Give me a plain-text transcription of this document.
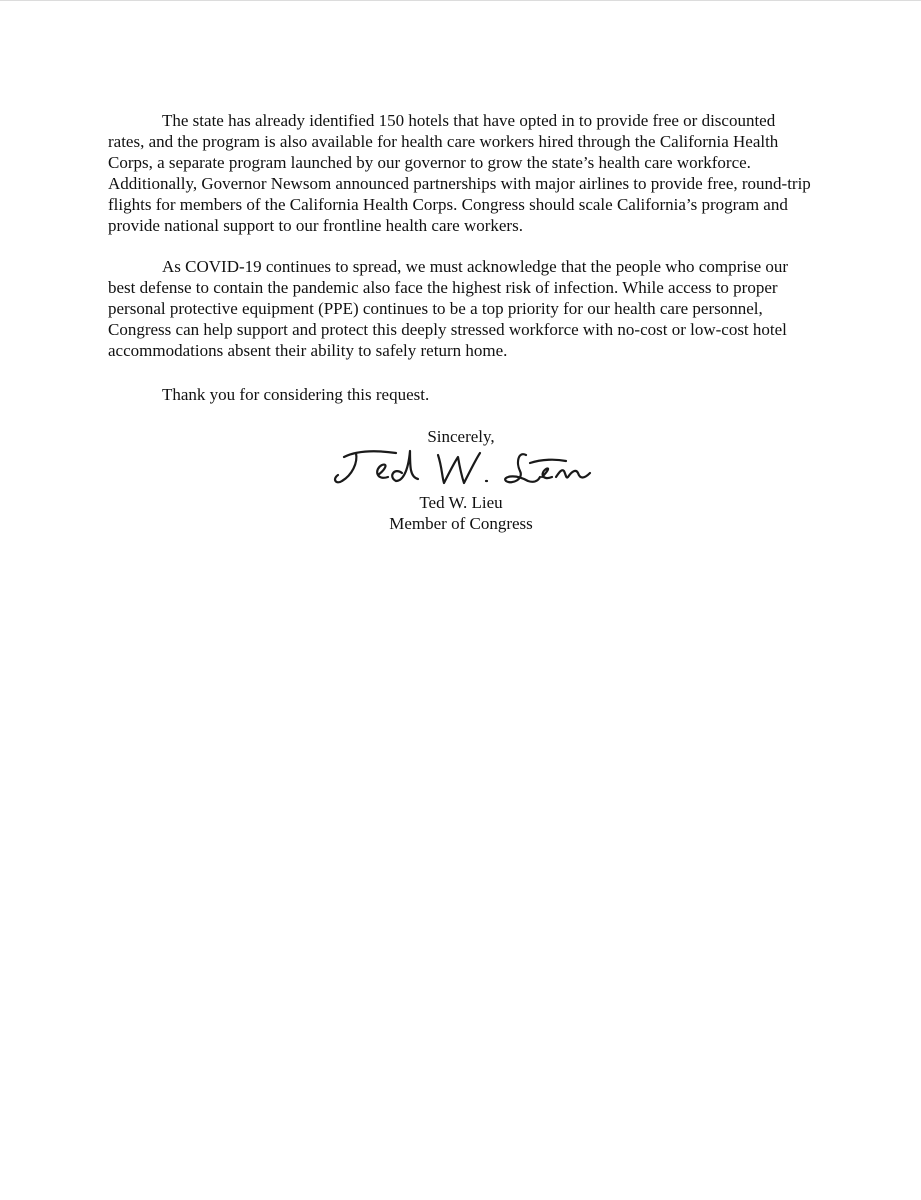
The state has already identified 150 hotels that have opted in to provide free or discounted rates, and the program is also available for health care workers hired through the California Health Corps, a separate program launched by our governor to grow the state’s health care workforce. Additionally, Governor Newsom announced partnerships with major airlines to provide free, round-trip flights for members of the California Health Corps. Congress should scale California’s program and provide national support to our frontline health care workers.

As COVID-19 continues to spread, we must acknowledge that the people who comprise our best defense to contain the pandemic also face the highest risk of infection. While access to proper personal protective equipment (PPE) continues to be a top priority for our health care personnel, Congress can help support and protect this deeply stressed workforce with no-cost or low-cost hotel accommodations absent their ability to safely return home.

Thank you for considering this request.
Sincerely,
Ted W. Lieu
Member of Congress
